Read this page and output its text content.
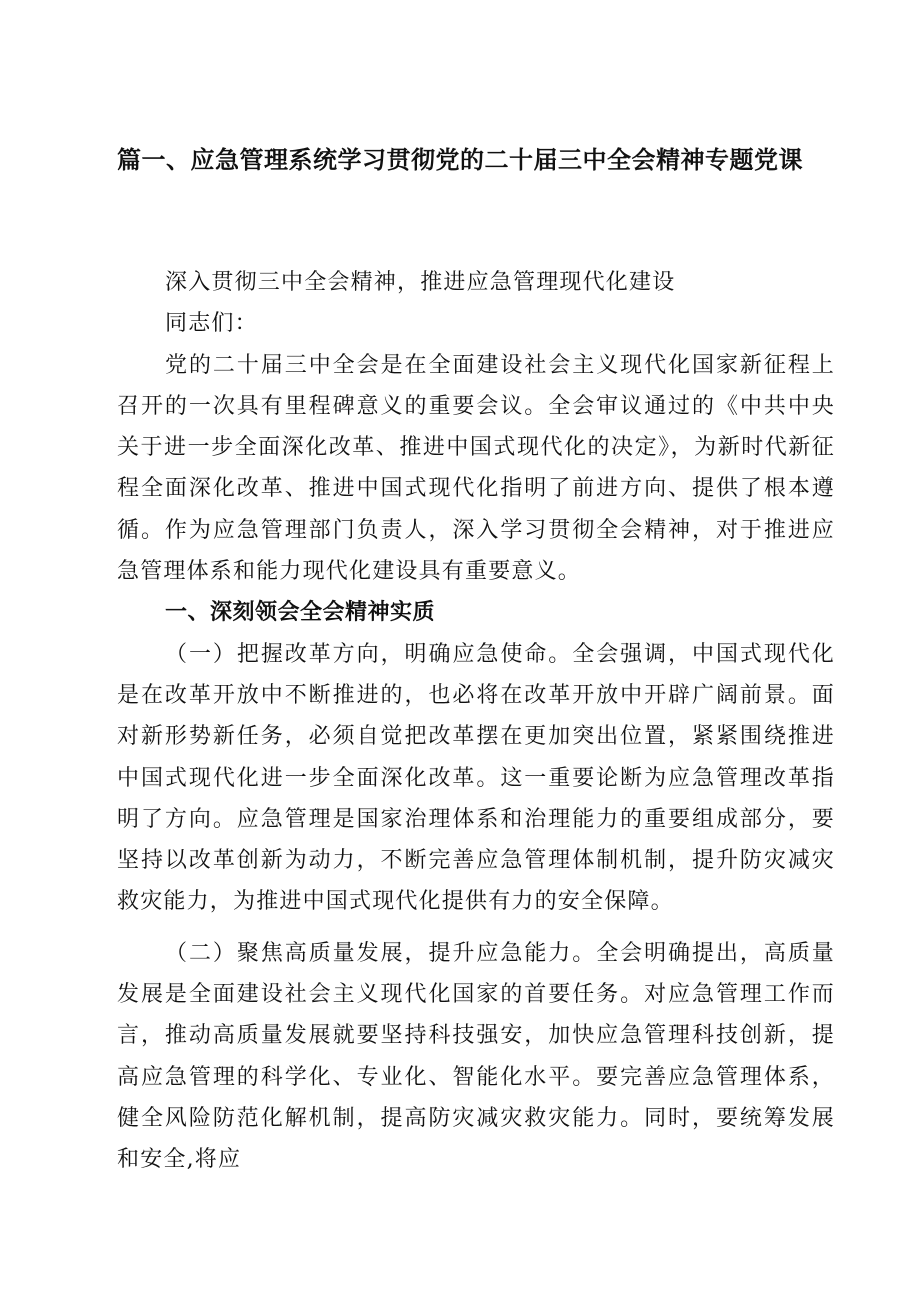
篇一、应急管理系统学习贯彻党的二十届三中全会精神专题党课

深入贯彻三中全会精神，推进应急管理现代化建设

同志们：

党的二十届三中全会是在全面建设社会主义现代化国家新征程上召开的一次具有里程碑意义的重要会议。全会审议通过的《中共中央关于进一步全面深化改革、推进中国式现代化的决定》，为新时代新征程全面深化改革、推进中国式现代化指明了前进方向、提供了根本遵循。作为应急管理部门负责人，深入学习贯彻全会精神，对于推进应急管理体系和能力现代化建设具有重要意义。

一、深刻领会全会精神实质

（一）把握改革方向，明确应急使命。全会强调，中国式现代化是在改革开放中不断推进的，也必将在改革开放中开辟广阔前景。面对新形势新任务，必须自觉把改革摆在更加突出位置，紧紧围绕推进中国式现代化进一步全面深化改革。这一重要论断为应急管理改革指明了方向。应急管理是国家治理体系和治理能力的重要组成部分，要坚持以改革创新为动力，不断完善应急管理体制机制，提升防灾减灾救灾能力，为推进中国式现代化提供有力的安全保障。

（二）聚焦高质量发展，提升应急能力。全会明确提出，高质量发展是全面建设社会主义现代化国家的首要任务。对应急管理工作而言，推动高质量发展就要坚持科技强安，加快应急管理科技创新，提高应急管理的科学化、专业化、智能化水平。要完善应急管理体系，健全风险防范化解机制，提高防灾减灾救灾能力。同时，要统筹发展和安全,将应
